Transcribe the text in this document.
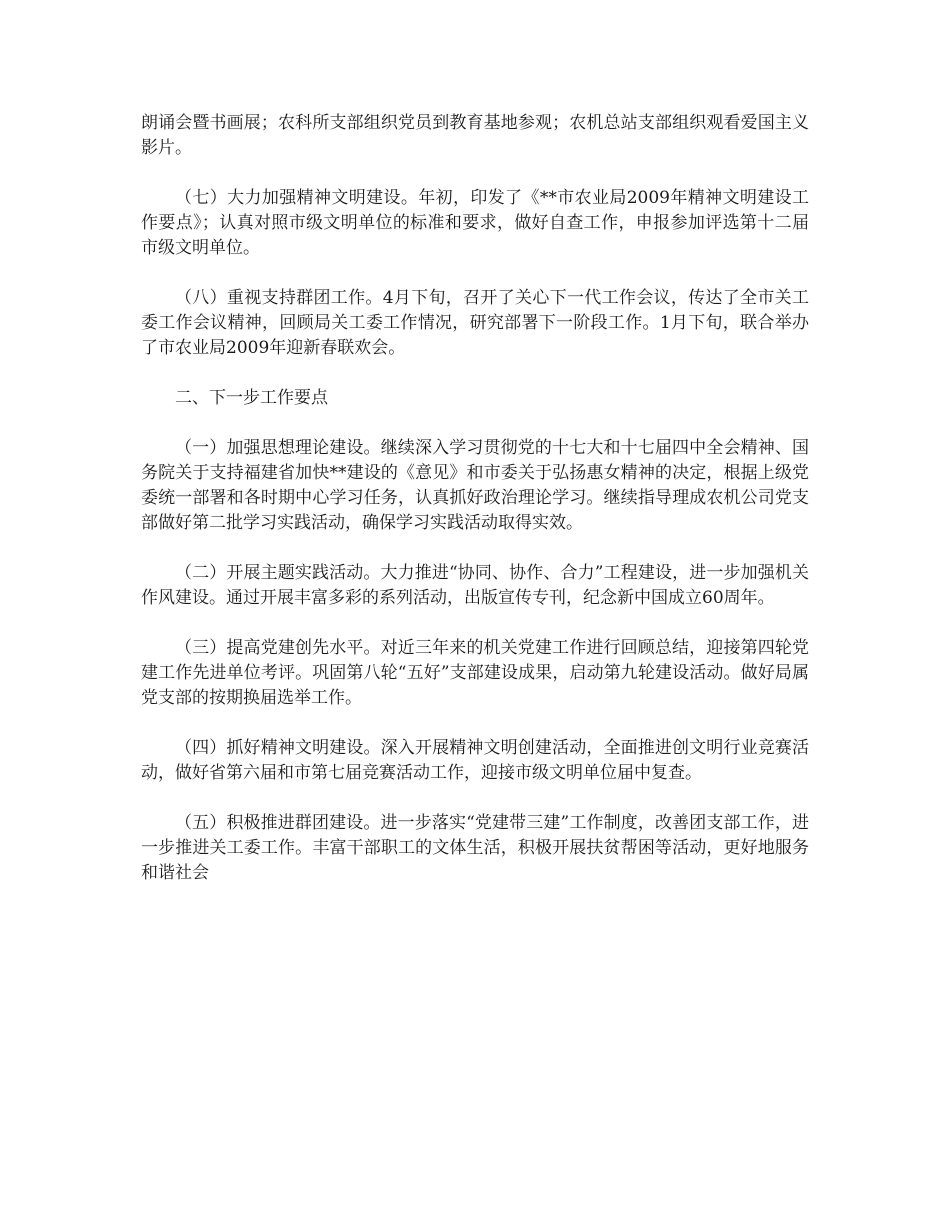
朗诵会暨书画展；农科所支部组织党员到教育基地参观；农机总站支部组织观看爱国主义影片。

（七）大力加强精神文明建设。年初，印发了《**市农业局2009年精神文明建设工作要点》；认真对照市级文明单位的标准和要求，做好自查工作，申报参加评选第十二届市级文明单位。

（八）重视支持群团工作。4月下旬，召开了关心下一代工作会议，传达了全市关工委工作会议精神，回顾局关工委工作情况，研究部署下一阶段工作。1月下旬，联合举办了市农业局2009年迎新春联欢会。

二、下一步工作要点

（一）加强思想理论建设。继续深入学习贯彻党的十七大和十七届四中全会精神、国务院关于支持福建省加快**建设的《意见》和市委关于弘扬惠女精神的决定，根据上级党委统一部署和各时期中心学习任务，认真抓好政治理论学习。继续指导理成农机公司党支部做好第二批学习实践活动，确保学习实践活动取得实效。

（二）开展主题实践活动。大力推进“协同、协作、合力”工程建设，进一步加强机关作风建设。通过开展丰富多彩的系列活动，出版宣传专刊，纪念新中国成立60周年。

（三）提高党建创先水平。对近三年来的机关党建工作进行回顾总结，迎接第四轮党建工作先进单位考评。巩固第八轮“五好”支部建设成果，启动第九轮建设活动。做好局属党支部的按期换届选举工作。

（四）抓好精神文明建设。深入开展精神文明创建活动，全面推进创文明行业竞赛活动，做好省第六届和市第七届竞赛活动工作，迎接市级文明单位届中复查。

（五）积极推进群团建设。进一步落实“党建带三建”工作制度，改善团支部工作，进一步推进关工委工作。丰富干部职工的文体生活，积极开展扶贫帮困等活动，更好地服务和谐社会
